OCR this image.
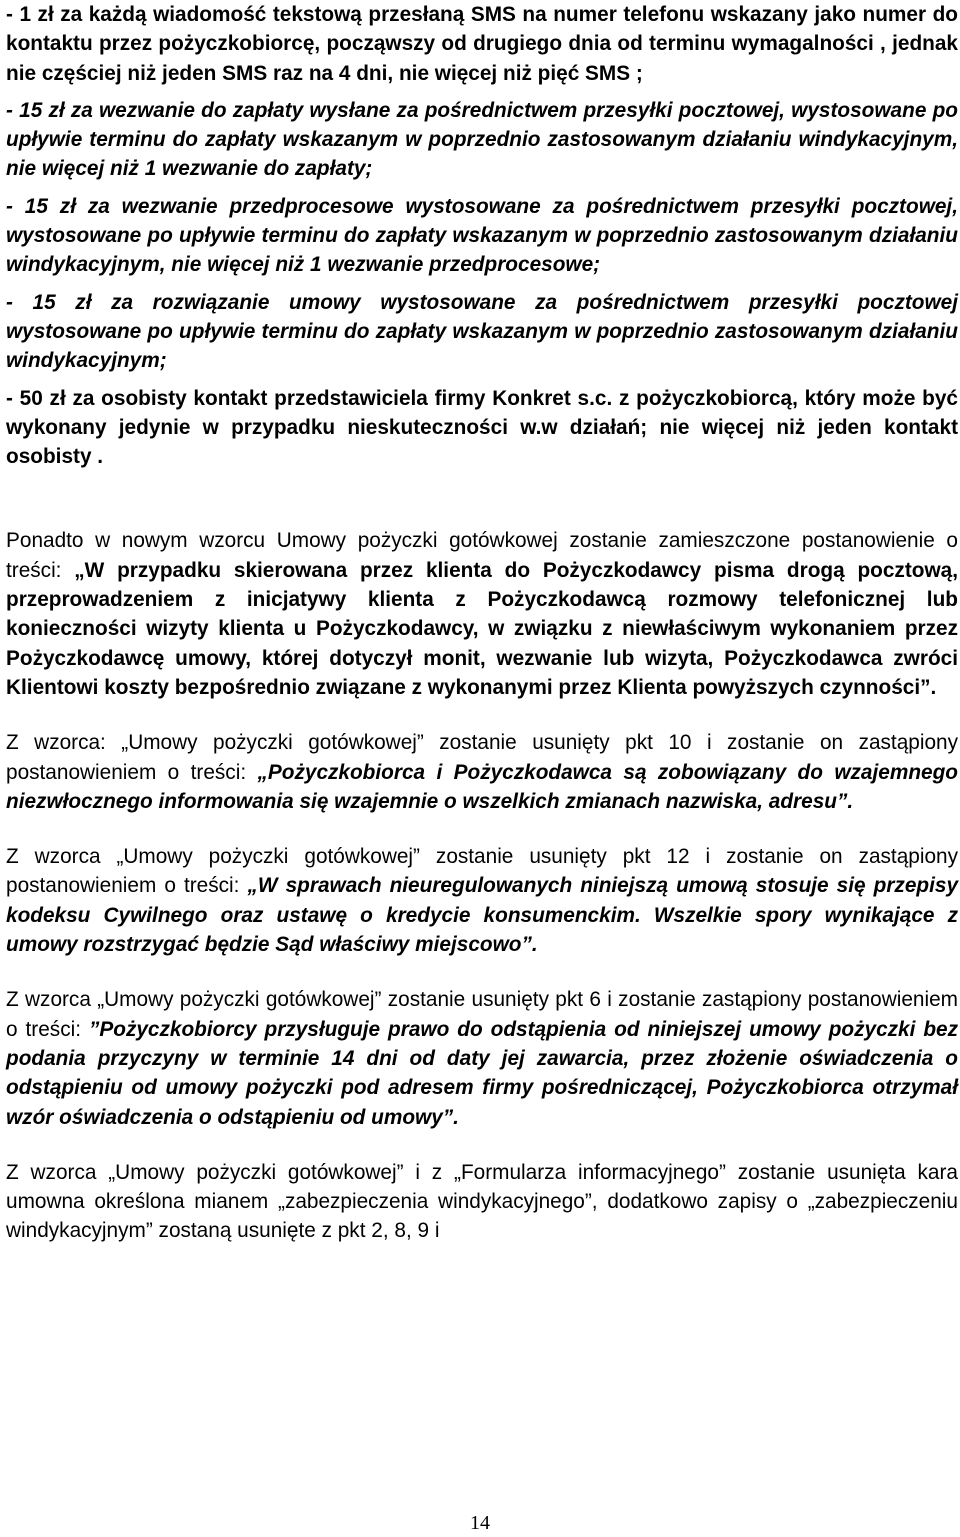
- 1 zł za każdą wiadomość tekstową przesłaną SMS na numer telefonu wskazany jako numer do kontaktu przez pożyczkobiorcę, począwszy od drugiego dnia od terminu wymagalności , jednak nie częściej niż jeden SMS raz na 4 dni, nie więcej niż pięć SMS ;

- 15 zł za wezwanie do zapłaty wysłane za pośrednictwem przesyłki pocztowej, wystosowane po upływie terminu do zapłaty wskazanym w poprzednio zastosowanym działaniu windykacyjnym, nie więcej niż 1 wezwanie do zapłaty;

- 15 zł za wezwanie przedprocesowe wystosowane za pośrednictwem przesyłki pocztowej, wystosowane po upływie terminu do zapłaty wskazanym w poprzednio zastosowanym działaniu windykacyjnym, nie więcej niż 1 wezwanie przedprocesowe;

- 15 zł za rozwiązanie umowy wystosowane za pośrednictwem przesyłki pocztowej wystosowane po upływie terminu do zapłaty wskazanym w poprzednio zastosowanym działaniu windykacyjnym;

- 50 zł za osobisty kontakt przedstawiciela firmy Konkret s.c. z pożyczkobiorcą, który może być wykonany jedynie w przypadku nieskuteczności w.w działań; nie więcej niż jeden kontakt osobisty .

Ponadto w nowym wzorcu Umowy pożyczki gotówkowej zostanie zamieszczone postanowienie o treści: „W przypadku skierowana przez klienta do Pożyczkodawcy pisma drogą pocztową, przeprowadzeniem z inicjatywy klienta z Pożyczkodawcą rozmowy telefonicznej lub konieczności wizyty klienta u Pożyczkodawcy, w związku z niewłaściwym wykonaniem przez Pożyczkodawcę umowy, której dotyczył monit, wezwanie lub wizyta, Pożyczkodawca zwróci Klientowi koszty bezpośrednio związane z wykonanymi przez Klienta powyższych czynności”.

Z wzorca: „Umowy pożyczki gotówkowej” zostanie usunięty pkt 10 i zostanie on zastąpiony postanowieniem o treści: „Pożyczkobiorca i Pożyczkodawca są zobowiązany do wzajemnego niezwłocznego informowania się wzajemnie o wszelkich zmianach nazwiska, adresu”.

Z wzorca „Umowy pożyczki gotówkowej” zostanie usunięty pkt 12 i zostanie on zastąpiony postanowieniem o treści: „W sprawach nieuregulowanych niniejszą umową stosuje się przepisy kodeksu Cywilnego oraz ustawę o kredycie konsumenckim. Wszelkie spory wynikające z umowy rozstrzygać będzie Sąd właściwy miejscowo”.

Z wzorca „Umowy pożyczki gotówkowej” zostanie usunięty pkt 6 i zostanie zastąpiony postanowieniem o treści: ”Pożyczkobiorcy przysługuje prawo do odstąpienia od niniejszej umowy pożyczki bez podania przyczyny w terminie 14 dni od daty jej zawarcia, przez złożenie oświadczenia o odstąpieniu od umowy pożyczki pod adresem firmy pośredniczącej, Pożyczkobiorca otrzymał wzór oświadczenia o odstąpieniu od umowy”.

Z wzorca „Umowy pożyczki gotówkowej” i z „Formularza informacyjnego” zostanie usunięta kara umowna określona mianem „zabezpieczenia windykacyjnego”, dodatkowo zapisy o „zabezpieczeniu windykacyjnym” zostaną usunięte z pkt 2, 8, 9 i

14
